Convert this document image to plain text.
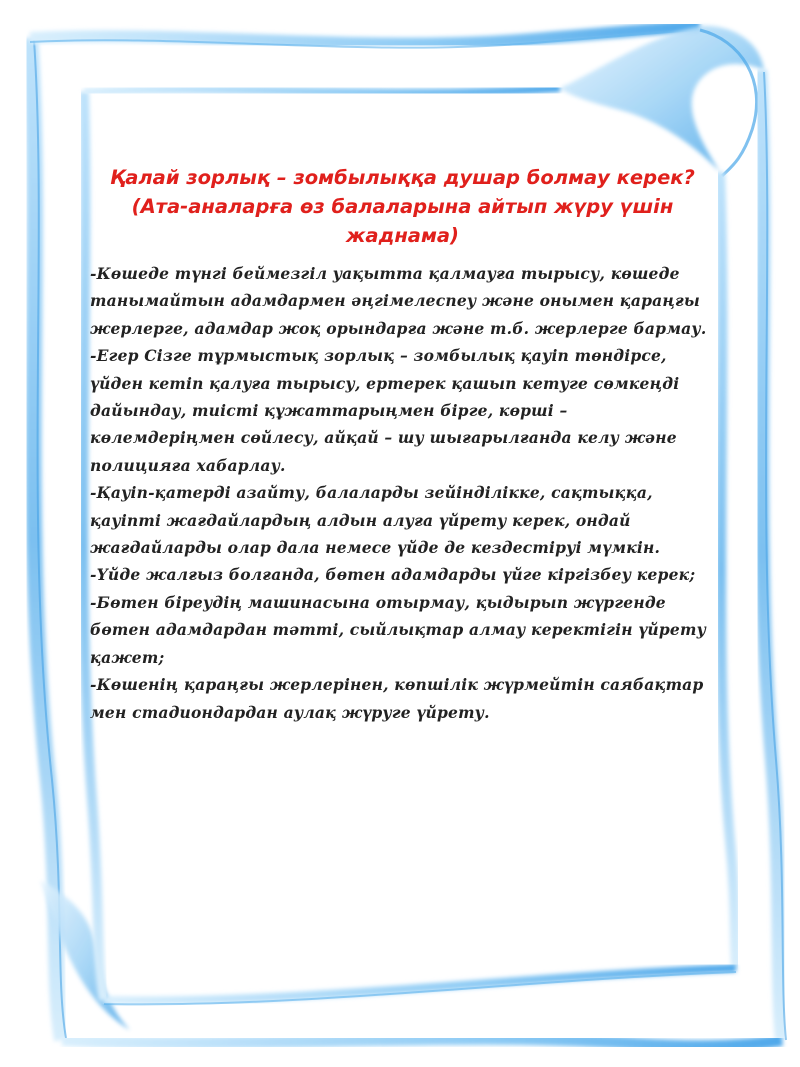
Қалай зорлық – зомбылыққа душар болмау керек?
(Ата-аналарға өз балаларына айтып жүру үшін жаднама)

-Көшеде түнгі беймезгіл уақытта қалмауға тырысу, көшеде танымайтын адамдармен әңгімелеспеу және онымен қараңғы жерлерге, адамдар жоқ орындарға және т.б. жерлерге бармау.

-Егер Сізге тұрмыстық зорлық – зомбылық қауіп төндірсе, үйден кетіп қалуға тырысу, ертерек қашып кетуге сөмкеңді дайындау, тиісті құжаттарыңмен бірге, көрші – көлемдеріңмен сөйлесу, айқай – шу шығарылғанда келу және полицияға хабарлау.

-Қауіп-қатерді азайту, балаларды зейінділікке, сақтыққа, қауіпті жағдайлардың алдын алуға үйрету керек, ондай жағдайларды олар дала немесе үйде де кездестіруі мүмкін.

-Үйде жалғыз болғанда, бөтен адамдарды үйге кіргізбеу керек;

-Бөтен біреудің машинасына отырмау, қыдырып жүргенде бөтен адамдардан тәтті, сыйлықтар алмау керектігін үйрету қажет;

-Көшенің қараңғы жерлерінен, көпшілік жүрмейтін саябақтар мен стадиондардан аулақ жүруге үйрету.
